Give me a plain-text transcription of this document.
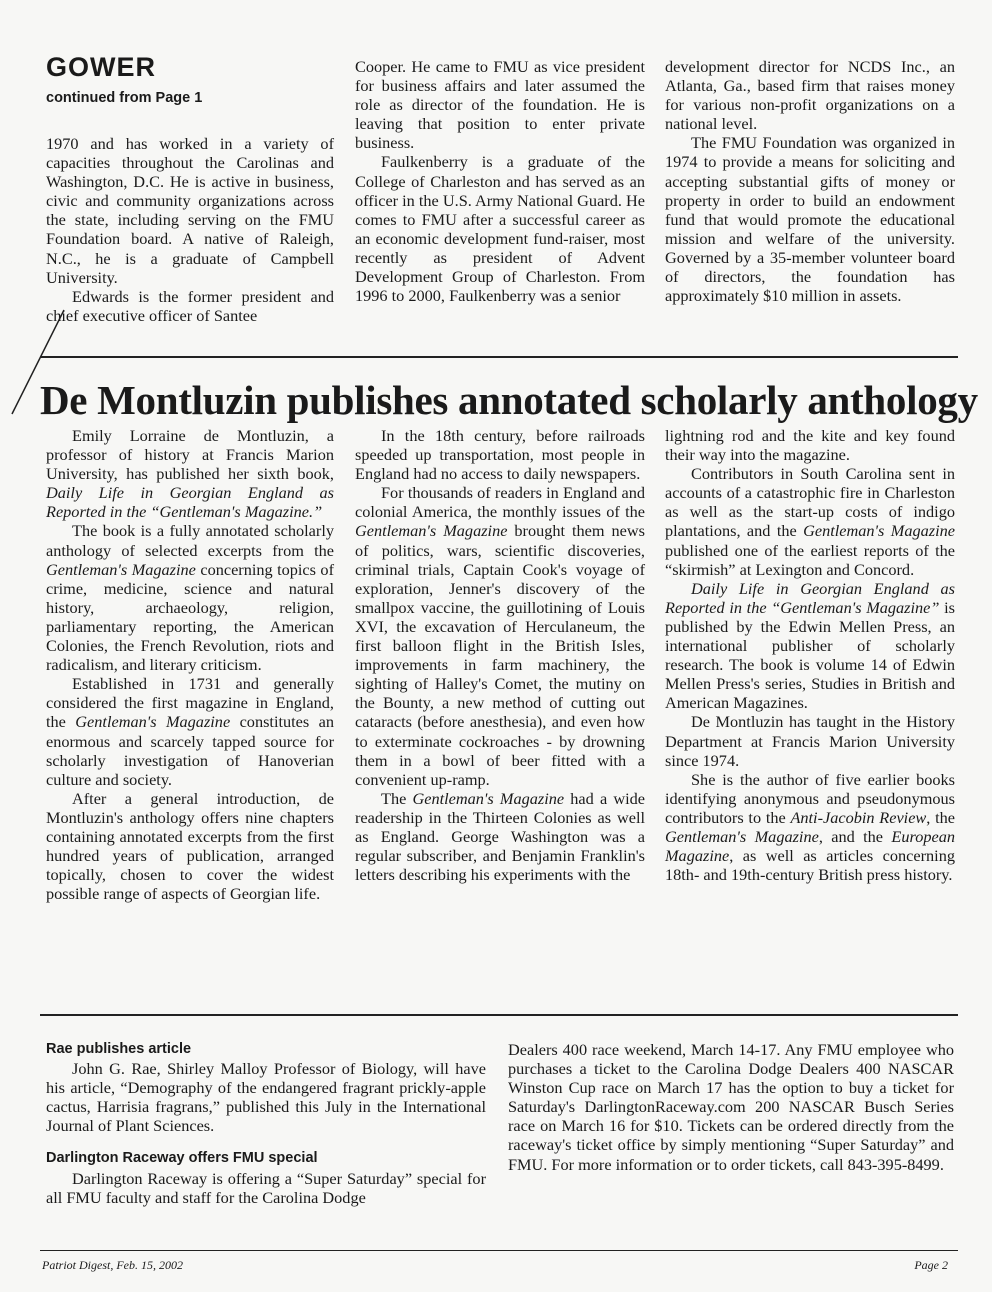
GOWER
continued from Page 1

1970 and has worked in a variety of capacities throughout the Carolinas and Washington, D.C. He is active in business, civic and community organizations across the state, including serving on the FMU Foundation board. A native of Raleigh, N.C., he is a graduate of Campbell University.

Edwards is the former president and chief executive officer of Santee

Cooper. He came to FMU as vice president for business affairs and later assumed the role as director of the foundation. He is leaving that position to enter private business.

Faulkenberry is a graduate of the College of Charleston and has served as an officer in the U.S. Army National Guard. He comes to FMU after a successful career as an economic development fund-raiser, most recently as president of Advent Development Group of Charleston. From 1996 to 2000, Faulkenberry was a senior

development director for NCDS Inc., an Atlanta, Ga., based firm that raises money for various non-profit organizations on a national level.

The FMU Foundation was organized in 1974 to provide a means for soliciting and accepting substantial gifts of money or property in order to build an endowment fund that would promote the educational mission and welfare of the university. Governed by a 35-member volunteer board of directors, the foundation has approximately $10 million in assets.

De Montluzin publishes annotated scholarly anthology

Emily Lorraine de Montluzin, a professor of history at Francis Marion University, has published her sixth book, Daily Life in Georgian England as Reported in the “Gentleman's Magazine.”

The book is a fully annotated scholarly anthology of selected excerpts from the Gentleman's Magazine concerning topics of crime, medicine, science and natural history, archaeology, religion, parliamentary reporting, the American Colonies, the French Revolution, riots and radicalism, and literary criticism.

Established in 1731 and generally considered the first magazine in England, the Gentleman's Magazine constitutes an enormous and scarcely tapped source for scholarly investigation of Hanoverian culture and society.

After a general introduction, de Montluzin's anthology offers nine chapters containing annotated excerpts from the first hundred years of publication, arranged topically, chosen to cover the widest possible range of aspects of Georgian life.

In the 18th century, before railroads speeded up transportation, most people in England had no access to daily newspapers.

For thousands of readers in England and colonial America, the monthly issues of the Gentleman's Magazine brought them news of politics, wars, scientific discoveries, criminal trials, Captain Cook's voyage of exploration, Jenner's discovery of the smallpox vaccine, the guillotining of Louis XVI, the excavation of Herculaneum, the first balloon flight in the British Isles, improvements in farm machinery, the sighting of Halley's Comet, the mutiny on the Bounty, a new method of cutting out cataracts (before anesthesia), and even how to exterminate cockroaches - by drowning them in a bowl of beer fitted with a convenient up-ramp.

The Gentleman's Magazine had a wide readership in the Thirteen Colonies as well as England. George Washington was a regular subscriber, and Benjamin Franklin's letters describing his experiments with the

lightning rod and the kite and key found their way into the magazine.

Contributors in South Carolina sent in accounts of a catastrophic fire in Charleston as well as the start-up costs of indigo plantations, and the Gentleman's Magazine published one of the earliest reports of the “skirmish” at Lexington and Concord.

Daily Life in Georgian England as Reported in the “Gentleman's Magazine” is published by the Edwin Mellen Press, an international publisher of scholarly research. The book is volume 14 of Edwin Mellen Press's series, Studies in British and American Magazines.

De Montluzin has taught in the History Department at Francis Marion University since 1974.

She is the author of five earlier books identifying anonymous and pseudonymous contributors to the Anti-Jacobin Review, the Gentleman's Magazine, and the European Magazine, as well as articles concerning 18th- and 19th-century British press history.

Rae publishes article

John G. Rae, Shirley Malloy Professor of Biology, will have his article, “Demography of the endangered fragrant prickly-apple cactus, Harrisia fragrans,” published this July in the International Journal of Plant Sciences.

Darlington Raceway offers FMU special

Darlington Raceway is offering a “Super Saturday” special for all FMU faculty and staff for the Carolina Dodge

Dealers 400 race weekend, March 14-17. Any FMU employee who purchases a ticket to the Carolina Dodge Dealers 400 NASCAR Winston Cup race on March 17 has the option to buy a ticket for Saturday's DarlingtonRaceway.com 200 NASCAR Busch Series race on March 16 for $10. Tickets can be ordered directly from the raceway's ticket office by simply mentioning “Super Saturday” and FMU. For more information or to order tickets, call 843-395-8499.

Patriot Digest, Feb. 15, 2002	Page 2
